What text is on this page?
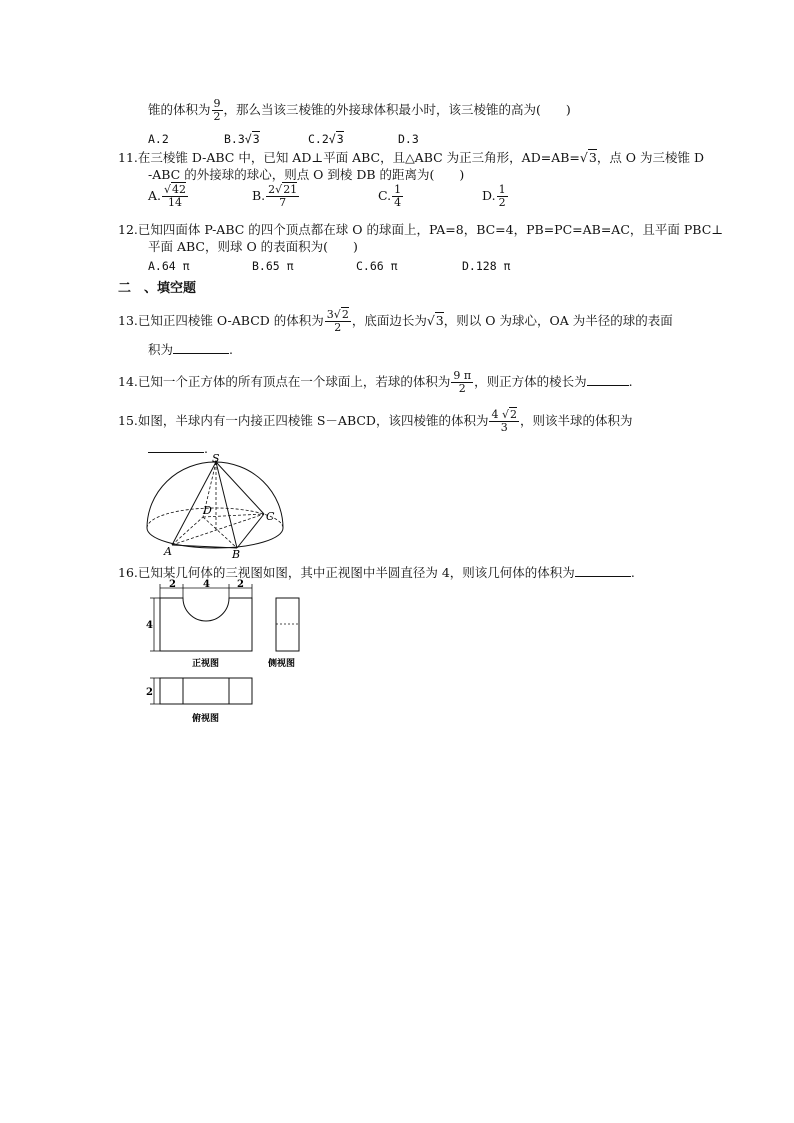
锥的体积为 $\frac{9}{2}$ ，那么当该三棱锥的外接球体积最小时，该三棱锥的高为(　　)
A.2	B.3√3	C.2√3	D.3
11.在三棱锥 D-ABC 中，已知 AD⊥平面 ABC，且△ABC 为正三角形，AD=AB=√3，点 O 为三棱锥 D
-ABC 的外接球的球心，则点 O 到棱 DB 的距离为(　　)
A. $\frac{√42}{14}$	B. $\frac{2√21}{7}$	C. $\frac{1}{4}$	D. $\frac{1}{2}$
12.已知四面体 P-ABC 的四个顶点都在球 O 的球面上，PA=8，BC=4，PB=PC=AB=AC，且平面 PBC⊥
平面 ABC，则球 O 的表面积为(　　)
A.64 π	B.65 π	C.66 π	D.128 π
二　、填空题
13.已知正四棱锥 O-ABCD 的体积为 $\frac{3√2}{2}$ ，底面边长为√3，则以 O 为球心，OA 为半径的球的表面
积为	.
14.已知一个正方体的所有顶点在一个球面上，若球的体积为 $\frac{9 \pi}{2}$ ，则正方体的棱长为	.
15.如图，半球内有一内接正四棱锥 S－ABCD，该四棱锥的体积为 $\frac{4 √2}{3}$ ，则该半球的体积为
.
S
A	B
C
D
16.已知某几何体的三视图如图，其中正视图中半圆直径为 4，则该几何体的体积为	.
2	4	2
4
正视图	侧视图
2
俯视图
